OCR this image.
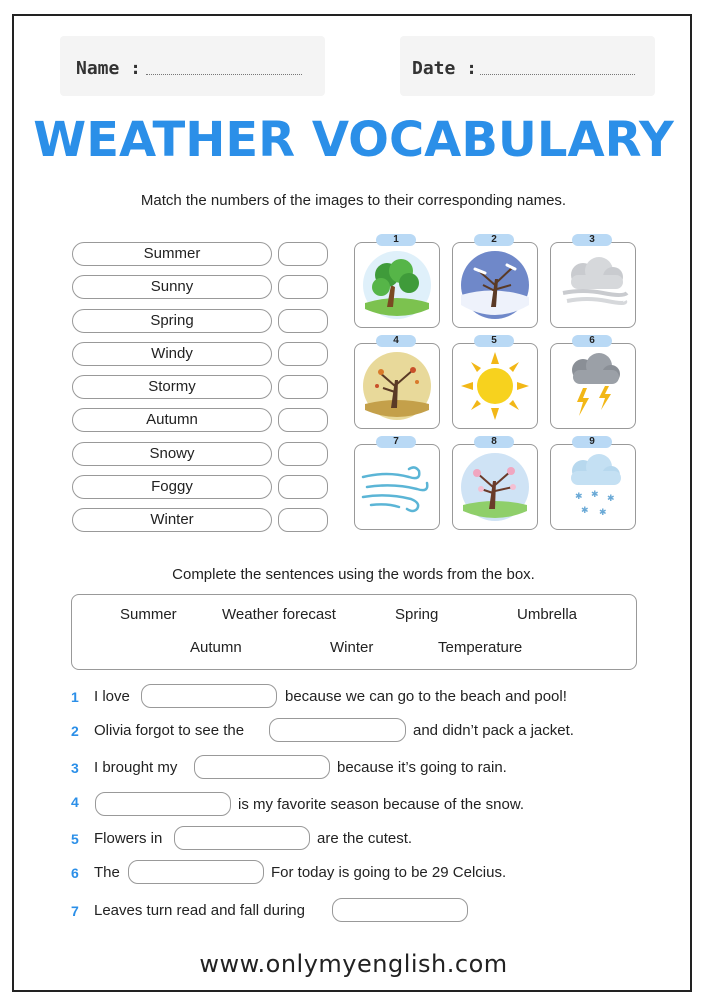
Name :	Date :
WEATHER VOCABULARY
Match the numbers of the images to their corresponding names.
Summer
Sunny
Spring
Windy
Stormy
Autumn
Snowy
Foggy
Winter
1	2	3
4	5	6
7	8
✱ ✱ ✱
✱ ✱
9
Complete the sentences using the words from the box.
Summer	Weather forecast	Spring	Umbrella
Autumn	Winter	Temperature
1 I love	because we can go to the beach and pool!
2 Olivia forgot to see the	and didn’t pack a jacket.
3 I brought my	because it’s going to rain.
4	is my favorite season because of the snow.
5 Flowers in	are the cutest.
6 The	For today is going to be 29 Celcius.
7 Leaves turn read and fall during
www.onlymyenglish.com
